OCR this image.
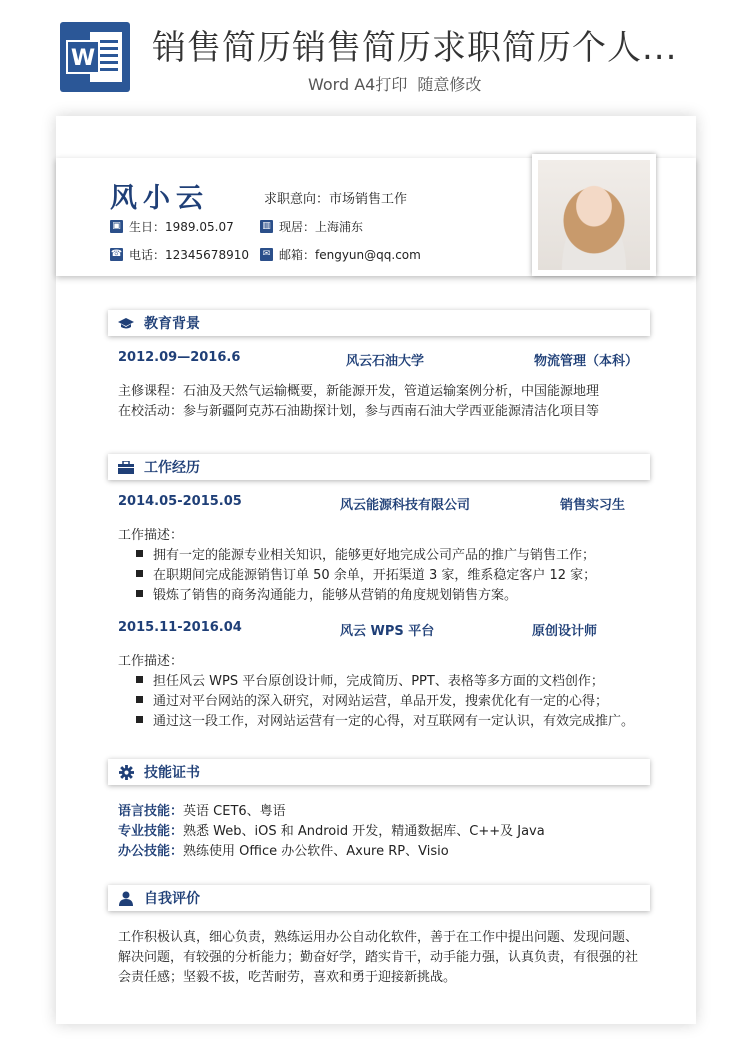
W 销售简历销售简历求职简历个人...
Word A4打印 随意修改
风小云	求职意向：市场销售工作
▣ 生日：1989.05.07	▥ 现居：上海浦东
☎ 电话：12345678910	✉ 邮箱：fengyun@qq.com
教育背景
2012.09—2016.6	风云石油大学	物流管理（本科）
主修课程：石油及天然气运输概要，新能源开发，管道运输案例分析，中国能源地理
在校活动：参与新疆阿克苏石油勘探计划，参与西南石油大学西亚能源清洁化项目等
工作经历
2014.05-2015.05	风云能源科技有限公司	销售实习生
工作描述：
拥有一定的能源专业相关知识，能够更好地完成公司产品的推广与销售工作；
在职期间完成能源销售订单 50 余单，开拓渠道 3 家，维系稳定客户 12 家；
锻炼了销售的商务沟通能力，能够从营销的角度规划销售方案。
2015.11-2016.04	风云 WPS 平台	原创设计师
工作描述：
担任风云 WPS 平台原创设计师，完成简历、PPT、表格等多方面的文档创作；
通过对平台网站的深入研究，对网站运营，单品开发，搜索优化有一定的心得；
通过这一段工作，对网站运营有一定的心得，对互联网有一定认识，有效完成推广。
技能证书
语言技能：英语 CET6、粤语
专业技能：熟悉 Web、iOS 和 Android 开发，精通数据库、C++及 Java
办公技能：熟练使用 Office 办公软件、Axure RP、Visio
自我评价
工作积极认真，细心负责，熟练运用办公自动化软件，善于在工作中提出问题、发现问题、解决问题，有较强的分析能力；勤奋好学，踏实肯干，动手能力强，认真负责，有很强的社会责任感；坚毅不拔，吃苦耐劳，喜欢和勇于迎接新挑战。
